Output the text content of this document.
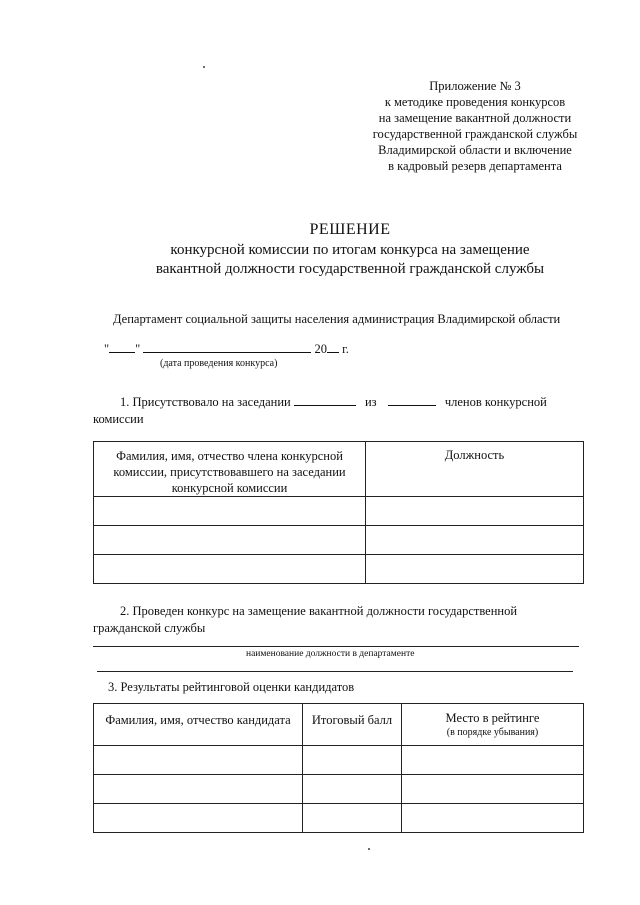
Приложение № 3
к методике проведения конкурсов
на замещение вакантной должности
государственной гражданской службы
Владимирской области и включение
в кадровый резерв департамента
РЕШЕНИЕ
конкурсной комиссии по итогам конкурса на замещение
вакантной должности государственной гражданской службы
Департамент социальной защиты населения администрация Владимирской области
" "	20 г.
(дата проведения конкурса)
1. Присутствовало на заседании	из	членов конкурсной
комиссии
Фамилия, имя, отчество члена конкурсной
комиссии, присутствовавшего на заседании
конкурсной комиссии	Должность

2. Проведен конкурс на замещение вакантной должности государственной
гражданской службы
наименование должности в департаменте
3. Результаты рейтинговой оценки кандидатов
Фамилия, имя, отчество кандидата	Итоговый балл	Место в рейтинге
(в порядке убывания)
